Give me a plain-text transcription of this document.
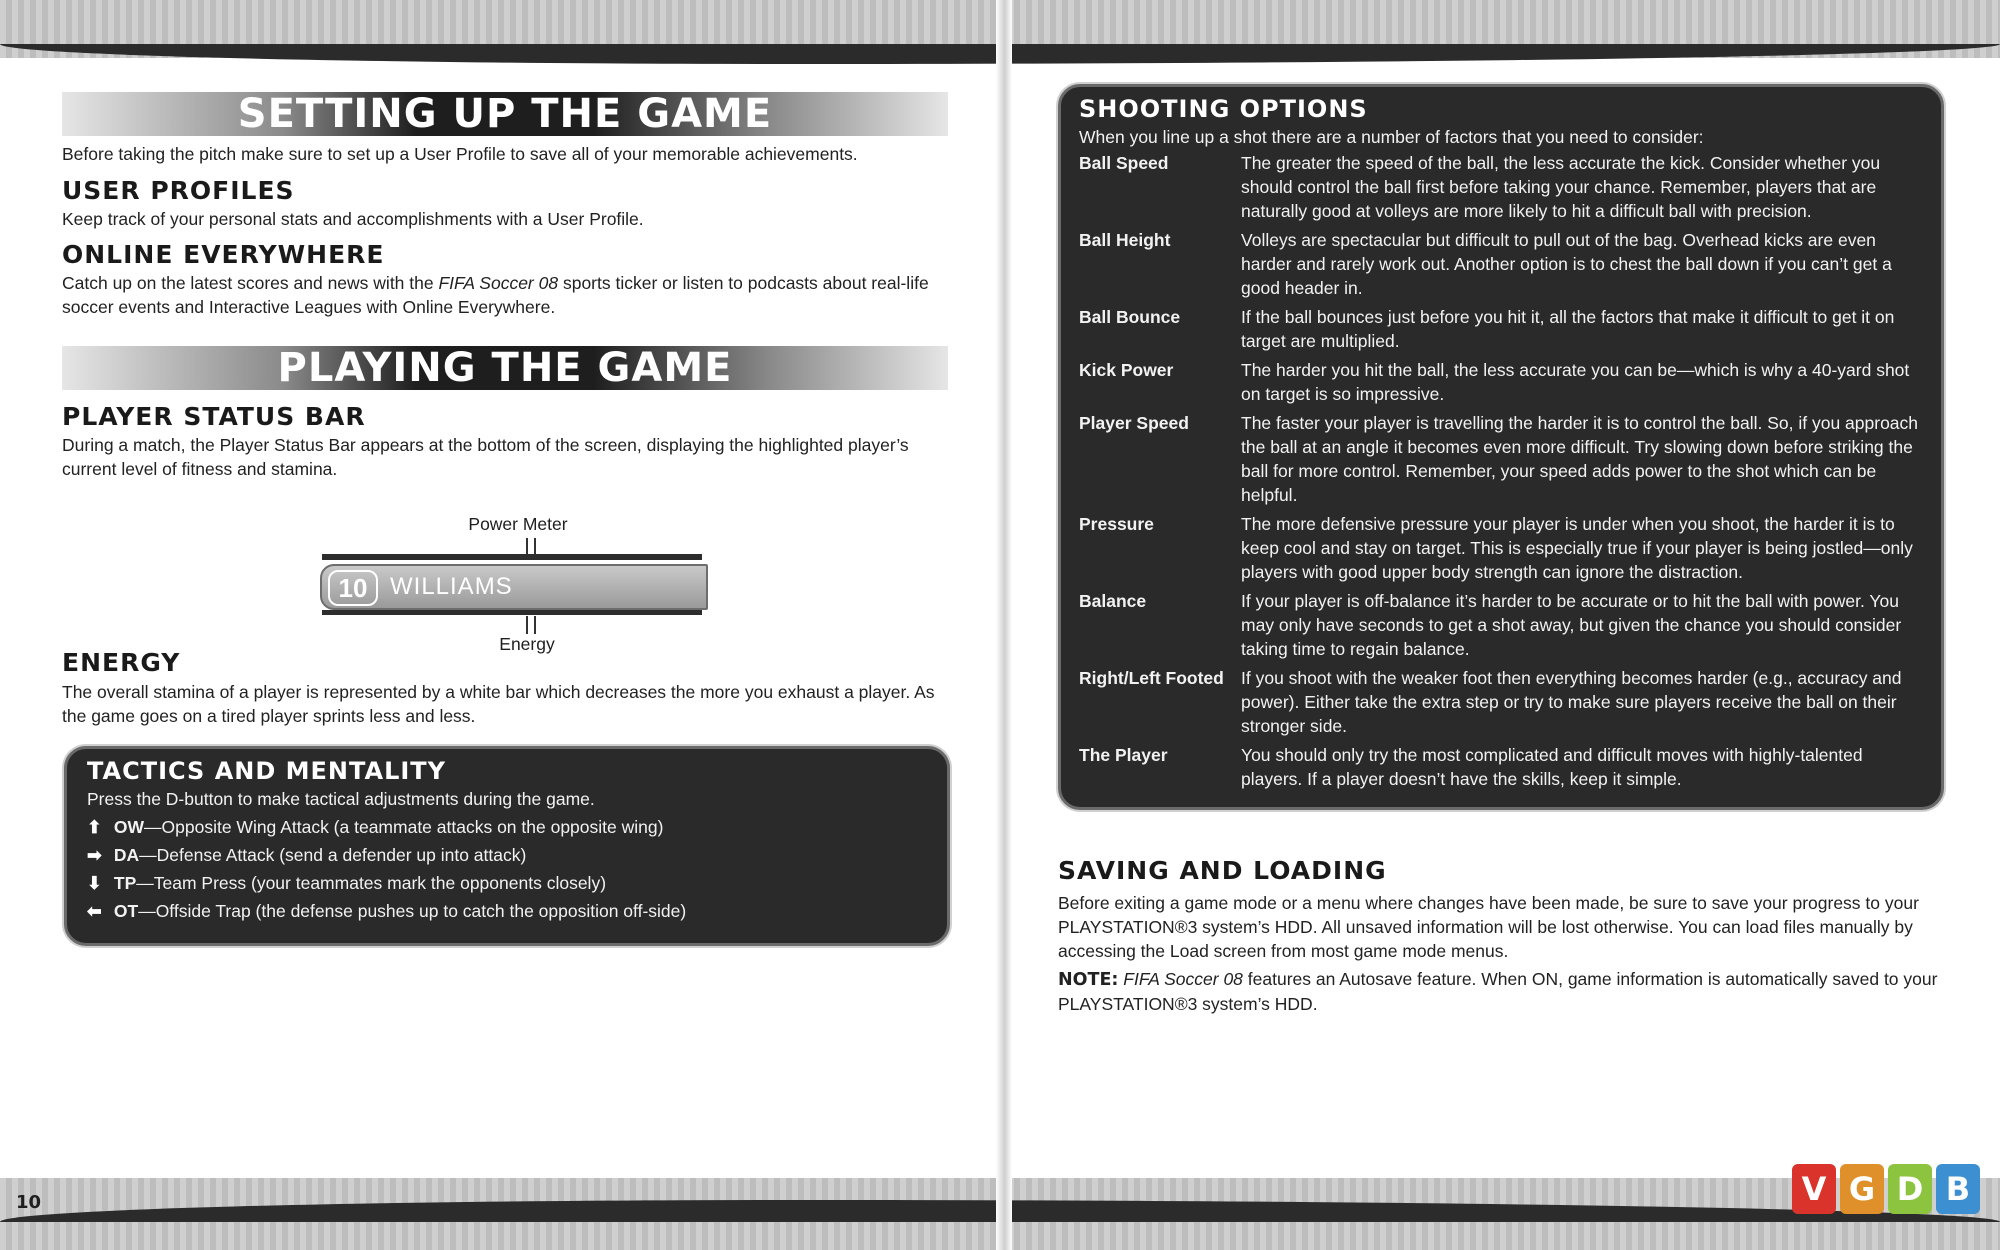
SETTING UP THE GAME
Before taking the pitch make sure to set up a User Profile to save all of your memorable achievements.
USER PROFILES
Keep track of your personal stats and accomplishments with a User Profile.
ONLINE EVERYWHERE
Catch up on the latest scores and news with the FIFA Soccer 08 sports ticker or listen to podcasts about real-life soccer events and Interactive Leagues with Online Everywhere.
PLAYING THE GAME
PLAYER STATUS BAR
During a match, the Player Status Bar appears at the bottom of the screen, displaying the highlighted player’s current level of fitness and stamina.
Power Meter
10 WILLIAMS
Energy
ENERGY
The overall stamina of a player is represented by a white bar which decreases the more you exhaust a player. As the game goes on a tired player sprints less and less.
TACTICS AND MENTALITY
Press the D-button to make tactical adjustments during the game.
⬆ OW—Opposite Wing Attack (a teammate attacks on the opposite wing)
➡ DA—Defense Attack (send a defender up into attack)
⬇ TP—Team Press (your teammates mark the opponents closely)
⬅ OT—Offside Trap (the defense pushes up to catch the opposition off-side)
10
SHOOTING OPTIONS
When you line up a shot there are a number of factors that you need to consider:
Ball Speed	The greater the speed of the ball, the less accurate the kick. Consider whether you should control the ball first before taking your chance. Remember, players that are naturally good at volleys are more likely to hit a difficult ball with precision.
Ball Height	Volleys are spectacular but difficult to pull out of the bag. Overhead kicks are even harder and rarely work out. Another option is to chest the ball down if you can’t get a good header in.
Ball Bounce	If the ball bounces just before you hit it, all the factors that make it difficult to get it on target are multiplied.
Kick Power	The harder you hit the ball, the less accurate you can be—which is why a 40-yard shot on target is so impressive.
Player Speed	The faster your player is travelling the harder it is to control the ball. So, if you approach the ball at an angle it becomes even more difficult. Try slowing down before striking the ball for more control. Remember, your speed adds power to the shot which can be helpful.
Pressure	The more defensive pressure your player is under when you shoot, the harder it is to keep cool and stay on target. This is especially true if your player is being jostled—only players with good upper body strength can ignore the distraction.
Balance	If your player is off-balance it’s harder to be accurate or to hit the ball with power. You may only have seconds to get a shot away, but given the chance you should consider taking time to regain balance.
Right/Left Footed If you shoot with the weaker foot then everything becomes harder (e.g., accuracy and power). Either take the extra step or try to make sure players receive the ball on their stronger side.
The Player	You should only try the most complicated and difficult moves with highly-talented players. If a player doesn’t have the skills, keep it simple.
SAVING AND LOADING
Before exiting a game mode or a menu where changes have been made, be sure to save your progress to your PLAYSTATION®3 system’s HDD. All unsaved information will be lost otherwise. You can load files manually by accessing the Load screen from most game mode menus.
NOTE: FIFA Soccer 08 features an Autosave feature. When ON, game information is automatically saved to your PLAYSTATION®3 system’s HDD.
V G D B
